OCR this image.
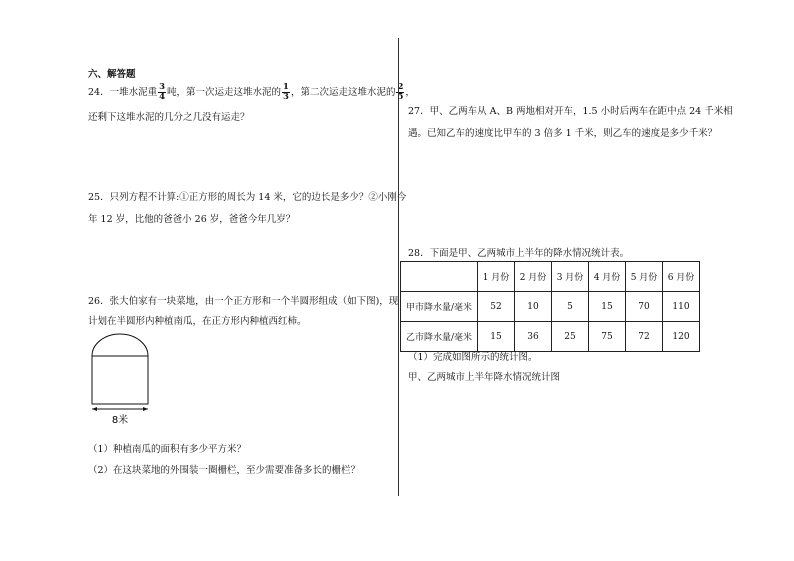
六、解答题
24．一堆水泥重 $\frac{3}{4}$ 吨，第一次运走这堆水泥的 $\frac{1}{3}$ ，第二次运走这堆水泥的 $\frac{2}{5}$ ，
还剩下这堆水泥的几分之几没有运走？
25．只列方程不计算:①正方形的周长为 14 米，它的边长是多少？②小刚今
年 12 岁，比他的爸爸小 26 岁，爸爸今年几岁？
26．张大伯家有一块菜地，由一个正方形和一个半圆形组成（如下图)，现
计划在半圆形内种植南瓜，在正方形内种植西红柿。
8米
（1）种植南瓜的面积有多少平方米？
（2）在这块菜地的外围装一圈栅栏，至少需要准备多长的栅栏？
27．甲、乙两车从 A、B 两地相对开车，1.5 小时后两车在距中点 24 千米相
遇。已知乙车的速度比甲车的 3 倍多 1 千米，则乙车的速度是多少千米？
28．下面是甲、乙两城市上半年的降水情况统计表。
	1 月份	2 月份	3 月份	4 月份	5 月份	6 月份
甲市降水量/毫米	52	10	5	15	70	110
乙市降水量/毫米	15	36	25	75	72	120
（1）完成如图所示的统计图。
甲、乙两城市上半年降水情况统计图
